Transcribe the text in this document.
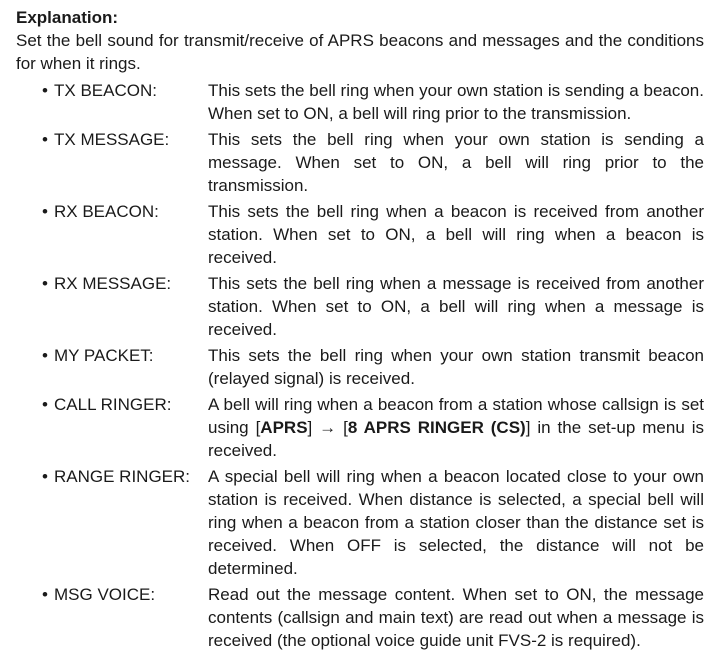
Explanation:

Set the bell sound for transmit/receive of APRS beacons and messages and the conditions for when it rings.

• TX BEACON:	This sets the bell ring when your own station is sending a beacon. When set to ON, a bell will ring prior to the transmission.

• TX MESSAGE:	This sets the bell ring when your own station is sending a message. When set to ON, a bell will ring prior to the transmission.

• RX BEACON:	This sets the bell ring when a beacon is received from another station. When set to ON, a bell will ring when a beacon is received.

• RX MESSAGE:	This sets the bell ring when a message is received from another station. When set to ON, a bell will ring when a message is received.

• MY PACKET:	This sets the bell ring when your own station transmit beacon (relayed signal) is received.

• CALL RINGER:	A bell will ring when a beacon from a station whose callsign is set using [APRS] → [8 APRS RINGER (CS)] in the set-up menu is received.

• RANGE RINGER:	A special bell will ring when a beacon located close to your own station is received. When distance is selected, a special bell will ring when a beacon from a station closer than the distance set is received. When OFF is selected, the distance will not be determined.

• MSG VOICE:	Read out the message content. When set to ON, the message contents (callsign and main text) are read out when a message is received (the optional voice guide unit FVS-2 is required).
